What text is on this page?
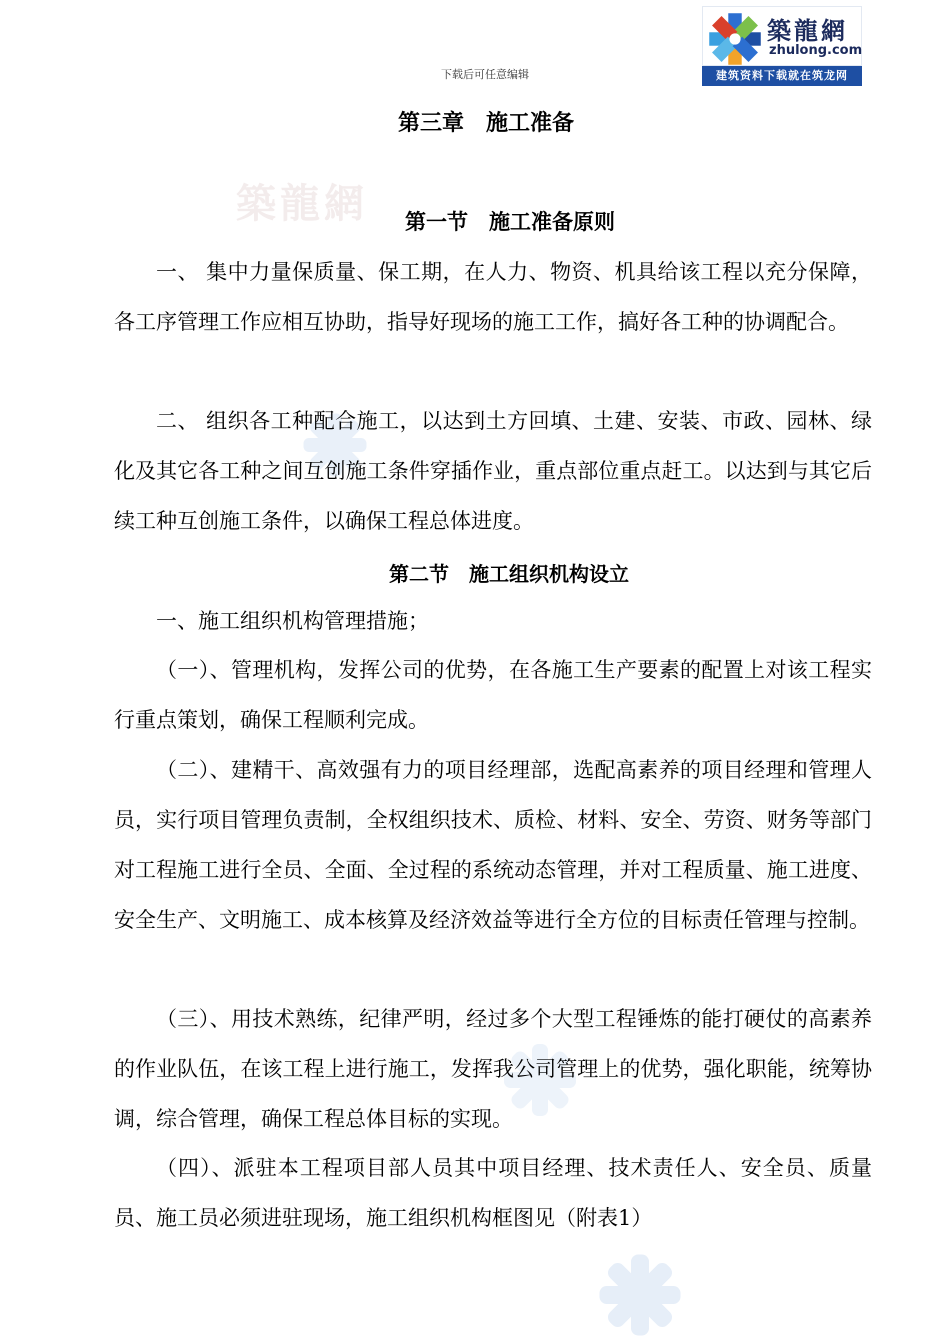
築龍網
下载后可任意编辑
築龍網
zhulong.com
建筑资料下载就在筑龙网
第三章　施工准备
第一节　施工准备原则
一、 集中力量保质量、保工期，在人力、物资、机具给该工程以充分保障，各工序管理工作应相互协助，指导好现场的施工工作，搞好各工种的协调配合。
二、 组织各工种配合施工，以达到土方回填、土建、安装、市政、园林、绿化及其它各工种之间互创施工条件穿插作业，重点部位重点赶工。以达到与其它后续工种互创施工条件，以确保工程总体进度。
第二节　施工组织机构设立
一、施工组织机构管理措施；
（一）、管理机构，发挥公司的优势，在各施工生产要素的配置上对该工程实行重点策划，确保工程顺利完成。
（二）、建精干、高效强有力的项目经理部，选配高素养的项目经理和管理人员，实行项目管理负责制，全权组织技术、质检、材料、安全、劳资、财务等部门对工程施工进行全员、全面、全过程的系统动态管理，并对工程质量、施工进度、安全生产、文明施工、成本核算及经济效益等进行全方位的目标责任管理与控制。
（三）、用技术熟练，纪律严明，经过多个大型工程锤炼的能打硬仗的高素养的作业队伍，在该工程上进行施工，发挥我公司管理上的优势，强化职能，统筹协调，综合管理，确保工程总体目标的实现。
（四）、派驻本工程项目部人员其中项目经理、技术责任人、安全员、质量员、施工员必须进驻现场，施工组织机构框图见（附表1）
